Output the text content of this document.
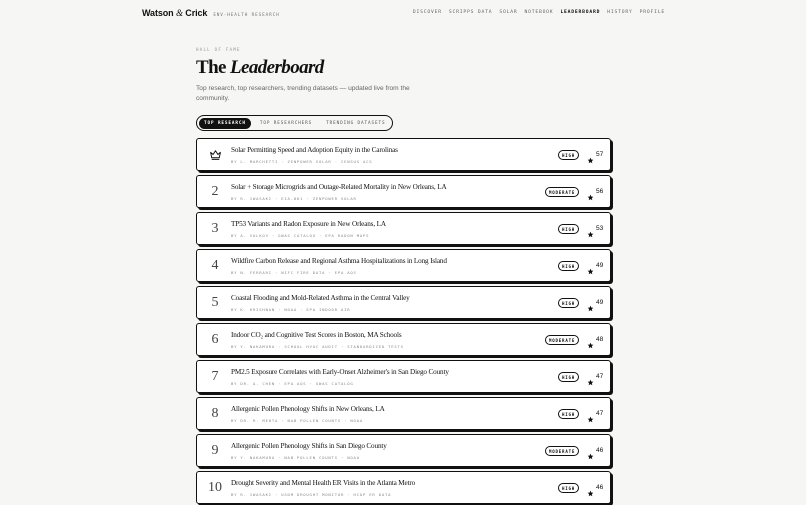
Watson & Crick ENV-HEALTH RESEARCH
DISCOVER SCRIPPS DATA SOLAR NOTEBOOK LEADERBOARD HISTORY PROFILE
HALL OF FAME
The Leaderboard

Top research, top researchers, trending datasets — updated live from the community.

TOP RESEARCH	TOP RESEARCHERS	TRENDING DATASETS
Solar Permitting Speed and Adoption Equity in the Carolinas
BY L. MARCHETTI · ZENPOWER SOLAR · CENSUS ACS
HIGH	57
2	Solar + Storage Microgrids and Outage-Related Mortality in New Orleans, LA
BY R. IWASAKI · EIA-861 · ZENPOWER SOLAR
MODERATE	56
3	TP53 Variants and Radon Exposure in New Orleans, LA
BY A. VOLKOV · GWAS CATALOG · EPA RADON MAPS
HIGH	53
4	Wildfire Carbon Release and Regional Asthma Hospitalizations in Long Island
BY N. FERRARI · NIFC FIRE DATA · EPA AQS
HIGH	49
5	Coastal Flooding and Mold-Related Asthma in the Central Valley
BY K. KRISHNAN · NOAA · EPA INDOOR AIR
HIGH	49
6	Indoor CO₂ and Cognitive Test Scores in Boston, MA Schools
BY Y. NAKAMURA · SCHOOL HVAC AUDIT · STANDARDIZED TESTS
MODERATE	48
7	PM2.5 Exposure Correlates with Early-Onset Alzheimer's in San Diego County
BY DR. A. CHEN · EPA AQS · GWAS CATALOG
HIGH	47
8	Allergenic Pollen Phenology Shifts in New Orleans, LA
BY DR. R. MEHTA · NAB POLLEN COUNTS · NOAA
HIGH	47
9	Allergenic Pollen Phenology Shifts in San Diego County
BY Y. NAKAMURA · NAB POLLEN COUNTS · NOAA
MODERATE	46
10	Drought Severity and Mental Health ER Visits in the Atlanta Metro
BY R. IWASAKI · USDM DROUGHT MONITOR · HCUP ER DATA
HIGH	46
